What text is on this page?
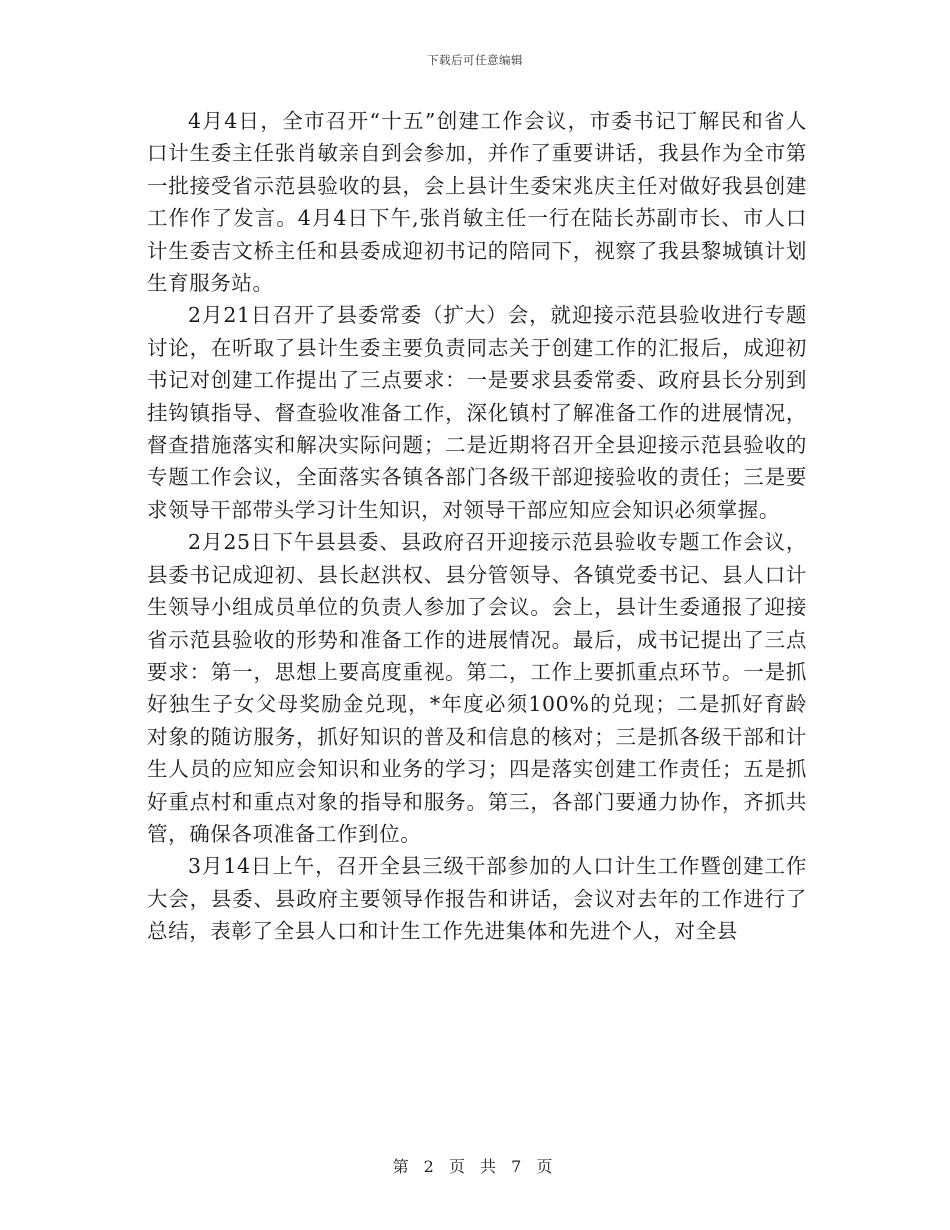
下载后可任意编辑

4月4日，全市召开“十五”创建工作会议，市委书记丁解民和省人口计生委主任张肖敏亲自到会参加，并作了重要讲话，我县作为全市第一批接受省示范县验收的县，会上县计生委宋兆庆主任对做好我县创建工作作了发言。4月4日下午,张肖敏主任一行在陆长苏副市长、市人口计生委吉文桥主任和县委成迎初书记的陪同下，视察了我县黎城镇计划生育服务站。

2月21日召开了县委常委（扩大）会，就迎接示范县验收进行专题讨论，在听取了县计生委主要负责同志关于创建工作的汇报后，成迎初书记对创建工作提出了三点要求：一是要求县委常委、政府县长分别到挂钩镇指导、督查验收准备工作，深化镇村了解准备工作的进展情况，督查措施落实和解决实际问题；二是近期将召开全县迎接示范县验收的专题工作会议，全面落实各镇各部门各级干部迎接验收的责任；三是要求领导干部带头学习计生知识，对领导干部应知应会知识必须掌握。

2月25日下午县县委、县政府召开迎接示范县验收专题工作会议，县委书记成迎初、县长赵洪权、县分管领导、各镇党委书记、县人口计生领导小组成员单位的负责人参加了会议。会上，县计生委通报了迎接省示范县验收的形势和准备工作的进展情况。最后，成书记提出了三点要求：第一，思想上要高度重视。第二，工作上要抓重点环节。一是抓好独生子女父母奖励金兑现，*年度必须100%的兑现；二是抓好育龄对象的随访服务，抓好知识的普及和信息的核对；三是抓各级干部和计生人员的应知应会知识和业务的学习；四是落实创建工作责任；五是抓好重点村和重点对象的指导和服务。第三，各部门要通力协作，齐抓共管，确保各项准备工作到位。

3月14日上午，召开全县三级干部参加的人口计生工作暨创建工作大会，县委、县政府主要领导作报告和讲话，会议对去年的工作进行了总结，表彰了全县人口和计生工作先进集体和先进个人，对全县

第 2 页 共 7 页
